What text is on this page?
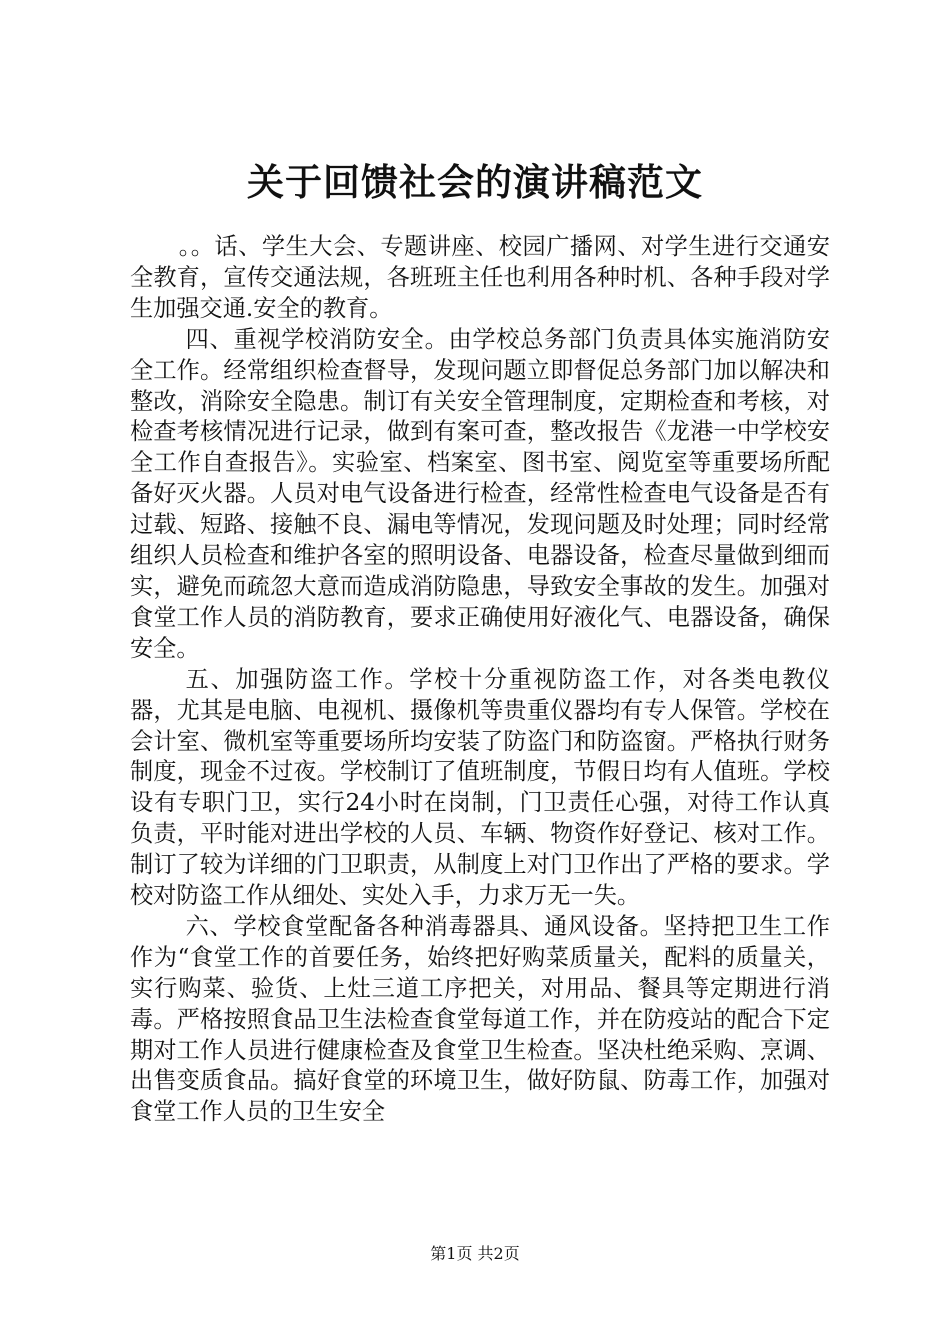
关于回馈社会的演讲稿范文

。。话、学生大会、专题讲座、校园广播网、对学生进行交通安全教育，宣传交通法规，各班班主任也利用各种时机、各种手段对学生加强交通.安全的教育。

四、重视学校消防安全。由学校总务部门负责具体实施消防安全工作。经常组织检查督导，发现问题立即督促总务部门加以解决和整改，消除安全隐患。制订有关安全管理制度，定期检查和考核，对检查考核情况进行记录，做到有案可查，整改报告《龙港一中学校安全工作自查报告》。实验室、档案室、图书室、阅览室等重要场所配备好灭火器。人员对电气设备进行检查，经常性检查电气设备是否有过载、短路、接触不良、漏电等情况，发现问题及时处理；同时经常组织人员检查和维护各室的照明设备、电器设备，检查尽量做到细而实，避免而疏忽大意而造成消防隐患，导致安全事故的发生。加强对食堂工作人员的消防教育，要求正确使用好液化气、电器设备，确保安全。

五、加强防盗工作。学校十分重视防盗工作，对各类电教仪器，尤其是电脑、电视机、摄像机等贵重仪器均有专人保管。学校在会计室、微机室等重要场所均安装了防盗门和防盗窗。严格执行财务制度，现金不过夜。学校制订了值班制度，节假日均有人值班。学校设有专职门卫，实行24小时在岗制，门卫责任心强，对待工作认真负责，平时能对进出学校的人员、车辆、物资作好登记、核对工作。制订了较为详细的门卫职责，从制度上对门卫作出了严格的要求。学校对防盗工作从细处、实处入手，力求万无一失。

六、学校食堂配备各种消毒器具、通风设备。坚持把卫生工作作为“食堂工作的首要任务，始终把好购菜质量关，配料的质量关，实行购菜、验货、上灶三道工序把关，对用品、餐具等定期进行消毒。严格按照食品卫生法检查食堂每道工作，并在防疫站的配合下定期对工作人员进行健康检查及食堂卫生检查。坚决杜绝采购、烹调、出售变质食品。搞好食堂的环境卫生，做好防鼠、防毒工作，加强对食堂工作人员的卫生安全

第1页 共2页
